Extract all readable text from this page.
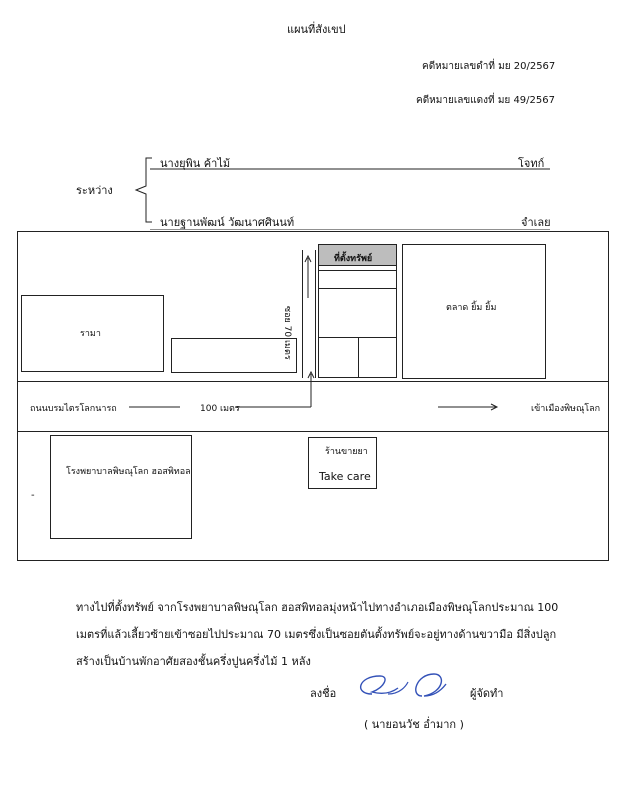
แผนที่สังเขป
คดีหมายเลขดำที่ มย 20/2567
คดีหมายเลขแดงที่ มย 49/2567
ระหว่าง
นางยุพิน ค้าไม้	โจทก์
นายฐานพัฒน์ วัฒนาศศินนท์	จำเลย
รามา	ซอย 70 เมตร
ที่ตั้งทรัพย์
ตลาด ยิ้ม ยิ้ม
ถนนบรมไตรโลกนารถ	100 เมตร	เข้าเมืองพิษณุโลก
โรงพยาบาลพิษณุโลก ฮอสพิทอล
-
ร้านขายยา
Take care
ทางไปที่ตั้งทรัพย์ จากโรงพยาบาลพิษณุโลก ฮอสพิทอลมุ่งหน้าไปทางอำเภอเมืองพิษณุโลกประมาณ 100
เมตรที่แล้วเลี้ยวซ้ายเข้าซอยไปประมาณ 70 เมตรซึ่งเป็นซอยตันตั้งทรัพย์จะอยู่ทางด้านขวามือ มีสิ่งปลูก
สร้างเป็นบ้านพักอาศัยสองชั้นครึ่งปูนครึ่งไม้ 1 หลัง
ลงชื่อ	ผู้จัดทำ
( นายอนวัช อ่ำมาก )
